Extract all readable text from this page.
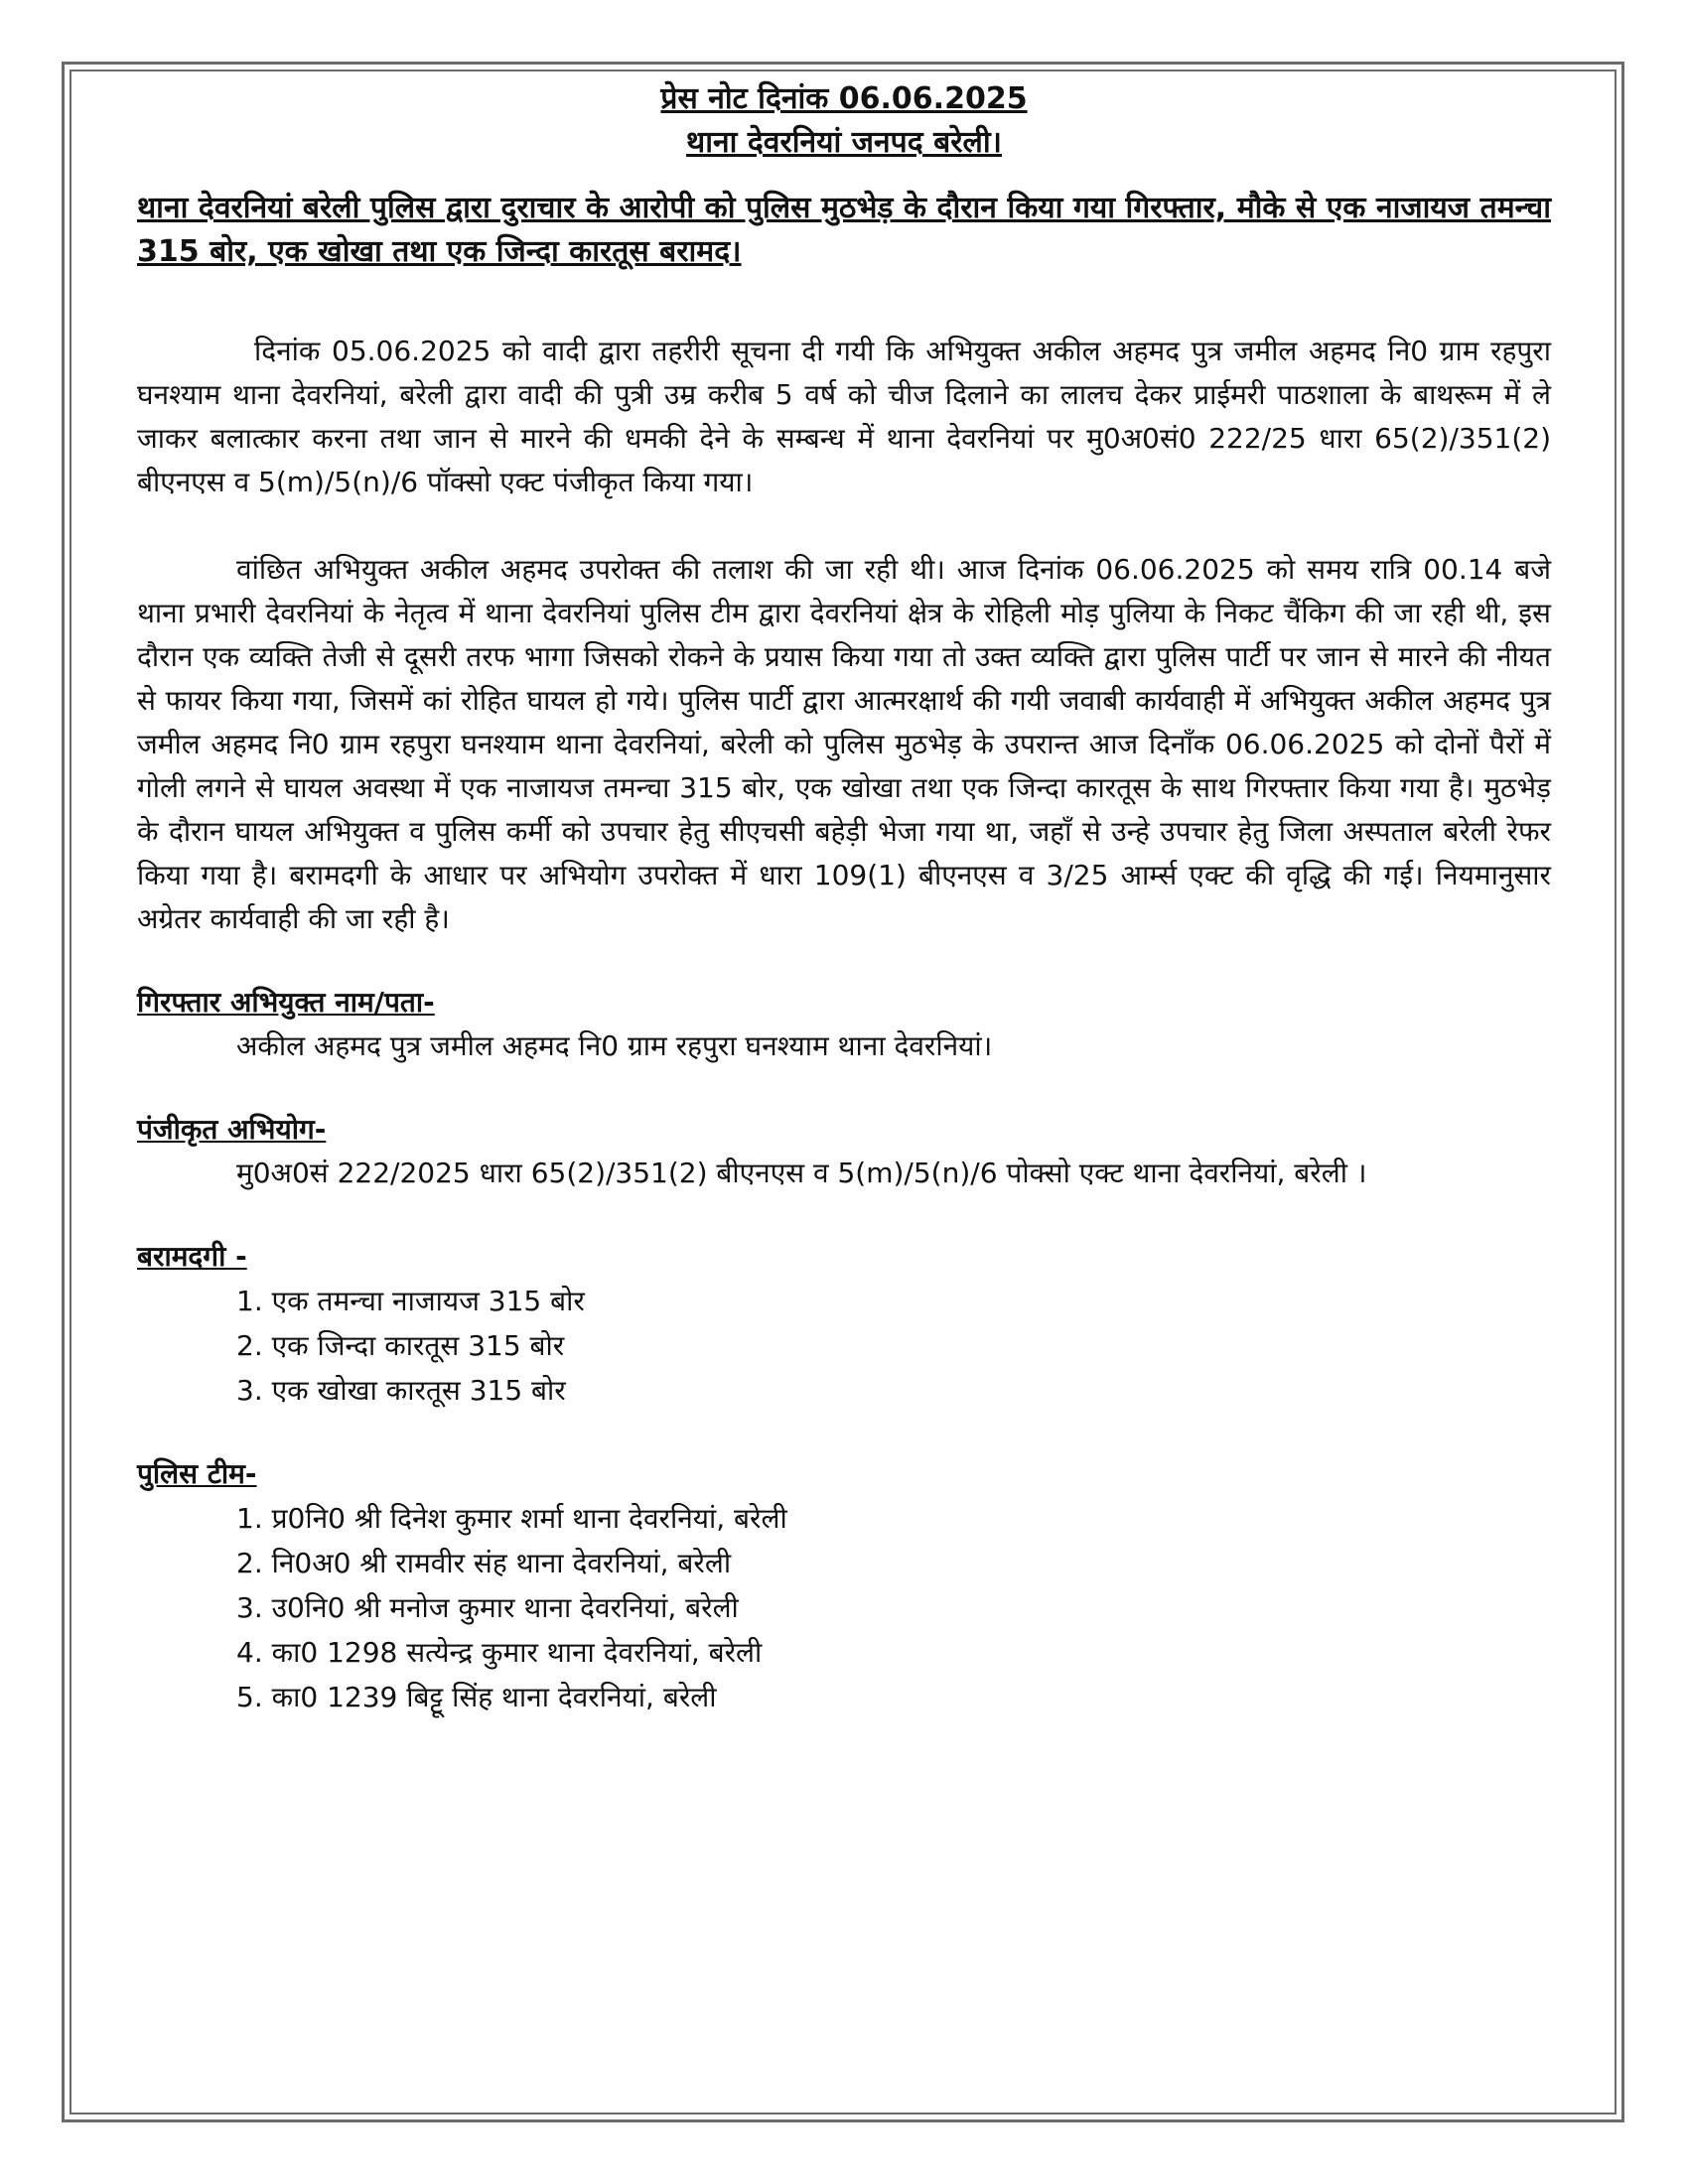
प्रेस नोट दिनांक 06.06.2025

थाना देवरनियां जनपद बरेली।

थाना देवरनियां बरेली पुलिस द्वारा दुराचार के आरोपी को पुलिस मुठभेड़ के दौरान किया गया गिरफ्तार, मौके से एक नाजायज तमन्चा 315 बोर, एक खोखा तथा एक जिन्दा कारतूस बरामद।

दिनांक 05.06.2025 को वादी द्वारा तहरीरी सूचना दी गयी कि अभियुक्त अकील अहमद पुत्र जमील अहमद नि0 ग्राम रहपुरा घनश्याम थाना देवरनियां, बरेली द्वारा वादी की पुत्री उम्र करीब 5 वर्ष को चीज दिलाने का लालच देकर प्राईमरी पाठशाला के बाथरूम में ले जाकर बलात्कार करना तथा जान से मारने की धमकी देने के सम्बन्ध में थाना देवरनियां पर मु0अ0सं0 222/25 धारा 65(2)/351(2) बीएनएस व 5(m)/5(n)/6 पॉक्सो एक्ट पंजीकृत किया गया।

वांछित अभियुक्त अकील अहमद उपरोक्त की तलाश की जा रही थी। आज दिनांक 06.06.2025 को समय रात्रि 00.14 बजे थाना प्रभारी देवरनियां के नेतृत्व में थाना देवरनियां पुलिस टीम द्वारा देवरनियां क्षेत्र के रोहिली मोड़ पुलिया के निकट चैंकिग की जा रही थी, इस दौरान एक व्यक्ति तेजी से दूसरी तरफ भागा जिसको रोकने के प्रयास किया गया तो उक्त व्यक्ति द्वारा पुलिस पार्टी पर जान से मारने की नीयत से फायर किया गया, जिसमें कां रोहित घायल हो गये। पुलिस पार्टी द्वारा आत्मरक्षार्थ की गयी जवाबी कार्यवाही में अभियुक्त अकील अहमद पुत्र जमील अहमद नि0 ग्राम रहपुरा घनश्याम थाना देवरनियां, बरेली को पुलिस मुठभेड़ के उपरान्त आज दिनाँक 06.06.2025 को दोनों पैरों में गोली लगने से घायल अवस्था में एक नाजायज तमन्चा 315 बोर, एक खोखा तथा एक जिन्दा कारतूस के साथ गिरफ्तार किया गया है। मुठभेड़ के दौरान घायल अभियुक्त व पुलिस कर्मी को उपचार हेतु सीएचसी बहेड़ी भेजा गया था, जहाँ से उन्हे उपचार हेतु जिला अस्पताल बरेली रेफर किया गया है। बरामदगी के आधार पर अभियोग उपरोक्त में धारा 109(1) बीएनएस व 3/25 आर्म्स एक्ट की वृद्धि की गई। नियमानुसार अग्रेतर कार्यवाही की जा रही है।

गिरफ्तार अभियुक्त नाम/पता-

अकील अहमद पुत्र जमील अहमद नि0 ग्राम रहपुरा घनश्याम थाना देवरनियां।

पंजीकृत अभियोग-

मु0अ0सं 222/2025 धारा 65(2)/351(2) बीएनएस व 5(m)/5(n)/6 पोक्सो एक्ट थाना देवरनियां, बरेली ।

बरामदगी -

1. एक तमन्चा नाजायज 315 बोर
2. एक जिन्दा कारतूस 315 बोर
3. एक खोखा कारतूस 315 बोर

पुलिस टीम-

1. प्र0नि0 श्री दिनेश कुमार शर्मा थाना देवरनियां, बरेली
2. नि0अ0 श्री रामवीर संह थाना देवरनियां, बरेली
3. उ0नि0 श्री मनोज कुमार थाना देवरनियां, बरेली
4. का0 1298 सत्येन्द्र कुमार थाना देवरनियां, बरेली
5. का0 1239 बिट्टू सिंह थाना देवरनियां, बरेली
